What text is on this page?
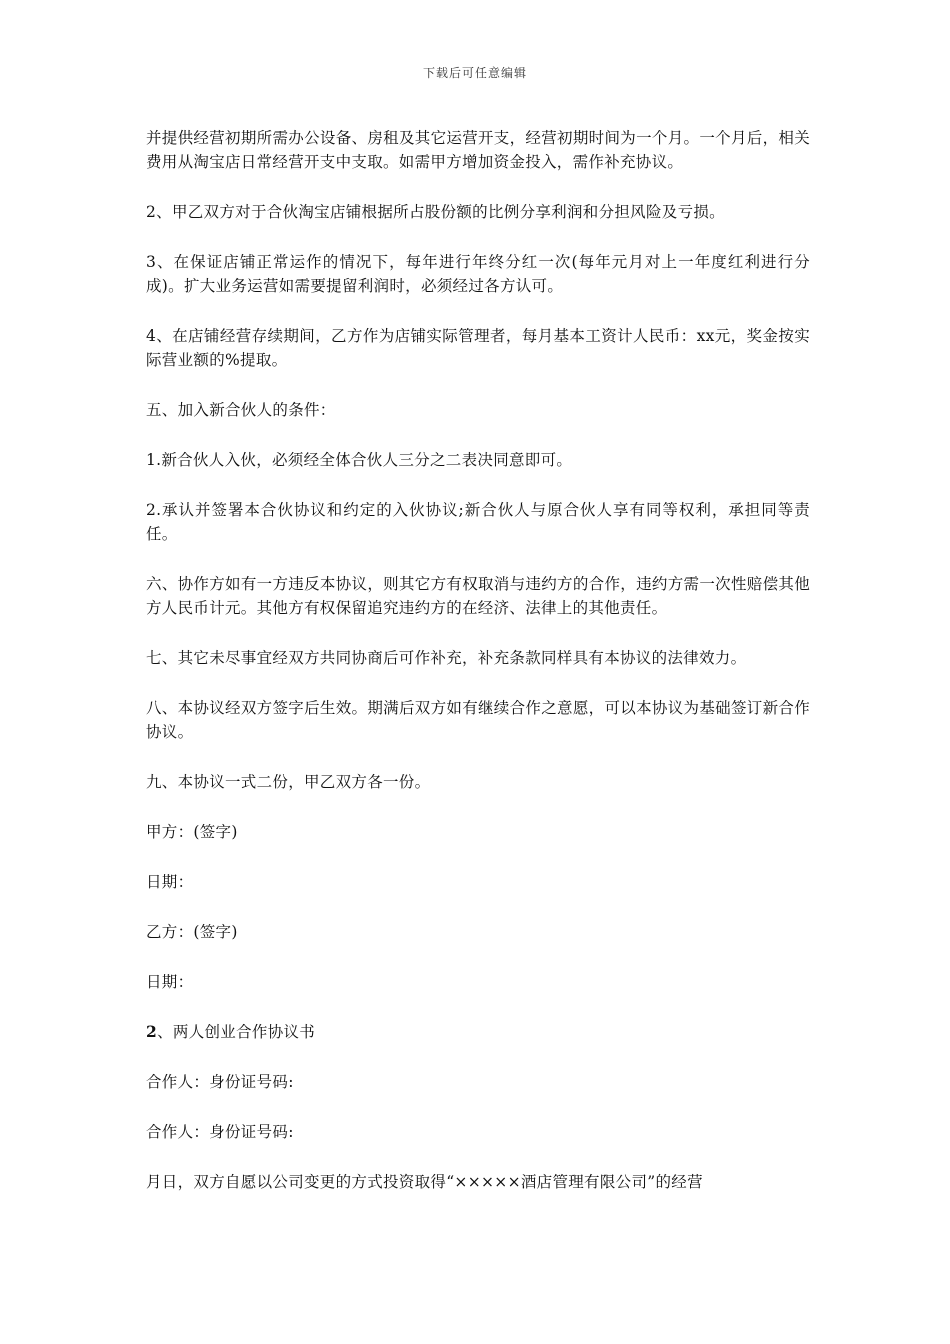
下载后可任意编辑

并提供经营初期所需办公设备、房租及其它运营开支，经营初期时间为一个月。一个月后，相关费用从淘宝店日常经营开支中支取。如需甲方增加资金投入，需作补充协议。

2、甲乙双方对于合伙淘宝店铺根据所占股份额的比例分享利润和分担风险及亏损。

3、在保证店铺正常运作的情况下，每年进行年终分红一次(每年元月对上一年度红利进行分成)。扩大业务运营如需要提留利润时，必须经过各方认可。

4、在店铺经营存续期间，乙方作为店铺实际管理者，每月基本工资计人民币：xx元，奖金按实际营业额的%提取。

五、加入新合伙人的条件：

1.新合伙人入伙，必须经全体合伙人三分之二表决同意即可。

2.承认并签署本合伙协议和约定的入伙协议;新合伙人与原合伙人享有同等权利，承担同等责任。

六、协作方如有一方违反本协议，则其它方有权取消与违约方的合作，违约方需一次性赔偿其他方人民币计元。其他方有权保留追究违约方的在经济、法律上的其他责任。

七、其它未尽事宜经双方共同协商后可作补充，补充条款同样具有本协议的法律效力。

八、本协议经双方签字后生效。期满后双方如有继续合作之意愿，可以本协议为基础签订新合作协议。

九、本协议一式二份，甲乙双方各一份。

甲方：(签字)

日期：

乙方：(签字)

日期：

2、两人创业合作协议书

合作人：身份证号码:

合作人：身份证号码:

月日，双方自愿以公司变更的方式投资取得“×××××酒店管理有限公司”的经营
